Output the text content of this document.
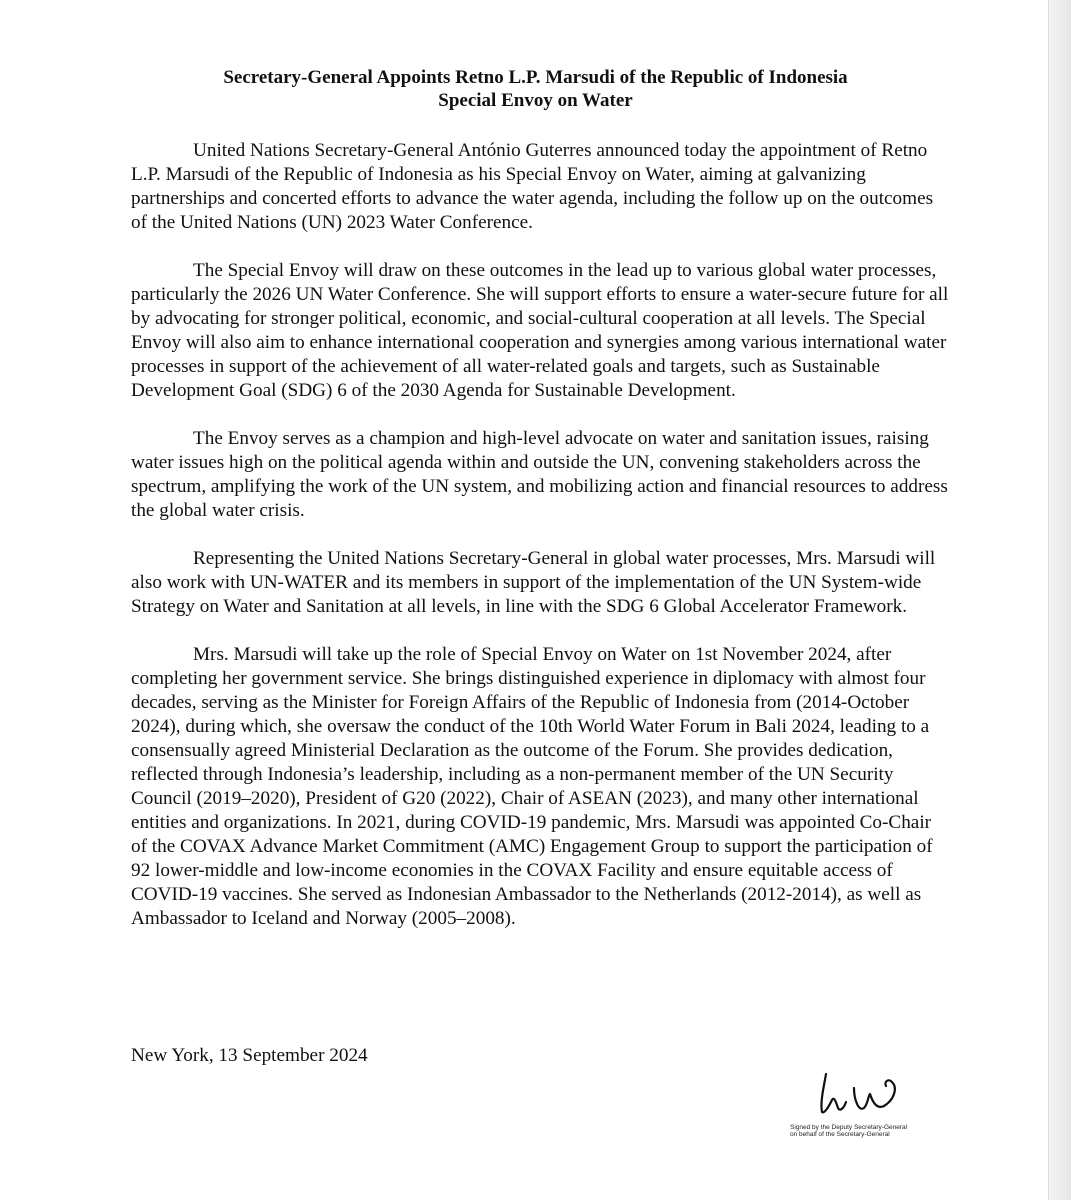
Secretary-General Appoints Retno L.P. Marsudi of the Republic of Indonesia
Special Envoy on Water

United Nations Secretary-General António Guterres announced today the appointment of Retno L.P. Marsudi of the Republic of Indonesia as his Special Envoy on Water, aiming at galvanizing partnerships and concerted efforts to advance the water agenda, including the follow up on the outcomes of the United Nations (UN) 2023 Water Conference.

The Special Envoy will draw on these outcomes in the lead up to various global water processes, particularly the 2026 UN Water Conference. She will support efforts to ensure a water-secure future for all by advocating for stronger political, economic, and social-cultural cooperation at all levels. The Special Envoy will also aim to enhance international cooperation and synergies among various international water processes in support of the achievement of all water-related goals and targets, such as Sustainable Development Goal (SDG) 6 of the 2030 Agenda for Sustainable Development.

The Envoy serves as a champion and high-level advocate on water and sanitation issues, raising water issues high on the political agenda within and outside the UN, convening stakeholders across the spectrum, amplifying the work of the UN system, and mobilizing action and financial resources to address the global water crisis.

Representing the United Nations Secretary-General in global water processes, Mrs. Marsudi will also work with UN-WATER and its members in support of the implementation of the UN System-wide Strategy on Water and Sanitation at all levels, in line with the SDG 6 Global Accelerator Framework.

Mrs. Marsudi will take up the role of Special Envoy on Water on 1st November 2024, after completing her government service. She brings distinguished experience in diplomacy with almost four decades, serving as the Minister for Foreign Affairs of the Republic of Indonesia from (2014-October 2024), during which, she oversaw the conduct of the 10th World Water Forum in Bali 2024, leading to a consensually agreed Ministerial Declaration as the outcome of the Forum. She provides dedication, reflected through Indonesia’s leadership, including as a non-permanent member of the UN Security Council (2019–2020), President of G20 (2022), Chair of ASEAN (2023), and many other international entities and organizations. In 2021, during COVID-19 pandemic, Mrs. Marsudi was appointed Co-Chair of the COVAX Advance Market Commitment (AMC) Engagement Group to support the participation of 92 lower-middle and low-income economies in the COVAX Facility and ensure equitable access of COVID-19 vaccines. She served as Indonesian Ambassador to the Netherlands (2012-2014), as well as Ambassador to Iceland and Norway (2005–2008).

New York, 13 September 2024
Signed by the Deputy Secretary-General
on behalf of the Secretary-General
